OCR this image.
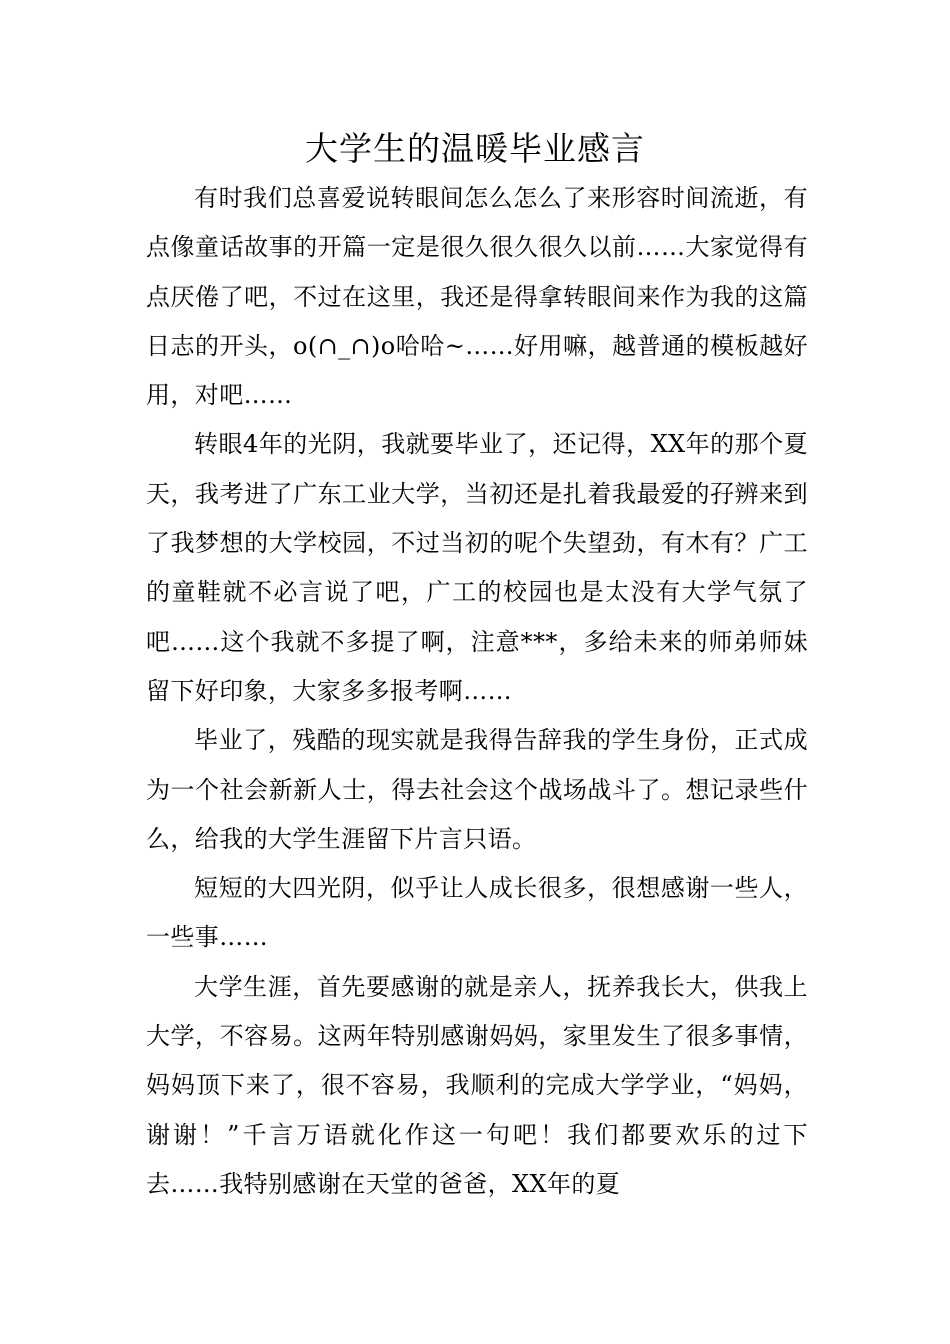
大学生的温暖毕业感言

有时我们总喜爱说转眼间怎么怎么了来形容时间流逝，有点像童话故事的开篇一定是很久很久很久以前……大家觉得有点厌倦了吧，不过在这里，我还是得拿转眼间来作为我的这篇日志的开头，o(∩_∩)o哈哈~……好用嘛，越普通的模板越好用，对吧……

转眼4年的光阴，我就要毕业了，还记得，XX年的那个夏天，我考进了广东工业大学，当初还是扎着我最爱的孖辨来到了我梦想的大学校园，不过当初的呢个失望劲，有木有？广工的童鞋就不必言说了吧，广工的校园也是太没有大学气氛了吧……这个我就不多提了啊，注意***，多给未来的师弟师妹留下好印象，大家多多报考啊……

毕业了，残酷的现实就是我得告辞我的学生身份，正式成为一个社会新新人士，得去社会这个战场战斗了。想记录些什么，给我的大学生涯留下片言只语。

短短的大四光阴，似乎让人成长很多，很想感谢一些人，一些事……

大学生涯，首先要感谢的就是亲人，抚养我长大，供我上大学，不容易。这两年特别感谢妈妈，家里发生了很多事情，妈妈顶下来了，很不容易，我顺利的完成大学学业，“妈妈，谢谢！”千言万语就化作这一句吧！我们都要欢乐的过下去……我特别感谢在天堂的爸爸，XX年的夏
